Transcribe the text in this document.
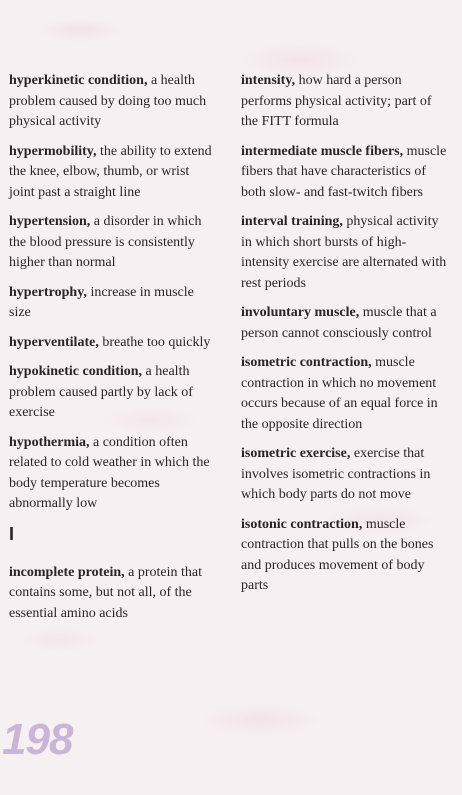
hyperkinetic condition, a health problem caused by doing too much physical activity

hypermobility, the ability to extend the knee, elbow, thumb, or wrist joint past a straight line

hypertension, a disorder in which the blood pressure is consistently higher than normal

hypertrophy, increase in muscle size

hyperventilate, breathe too quickly

hypokinetic condition, a health problem caused partly by lack of exercise

hypothermia, a condition often related to cold weather in which the body temperature becomes abnormally low

I

incomplete protein, a protein that contains some, but not all, of the essential amino acids

intensity, how hard a person performs physical activity; part of the FITT formula

intermediate muscle fibers, muscle fibers that have characteristics of both slow- and fast-twitch fibers

interval training, physical activity in which short bursts of high-intensity exercise are alternated with rest periods

involuntary muscle, muscle that a person cannot consciously control

isometric contraction, muscle contraction in which no movement occurs because of an equal force in the opposite direction

isometric exercise, exercise that involves isometric contractions in which body parts do not move

isotonic contraction, muscle contraction that pulls on the bones and produces movement of body parts

198
